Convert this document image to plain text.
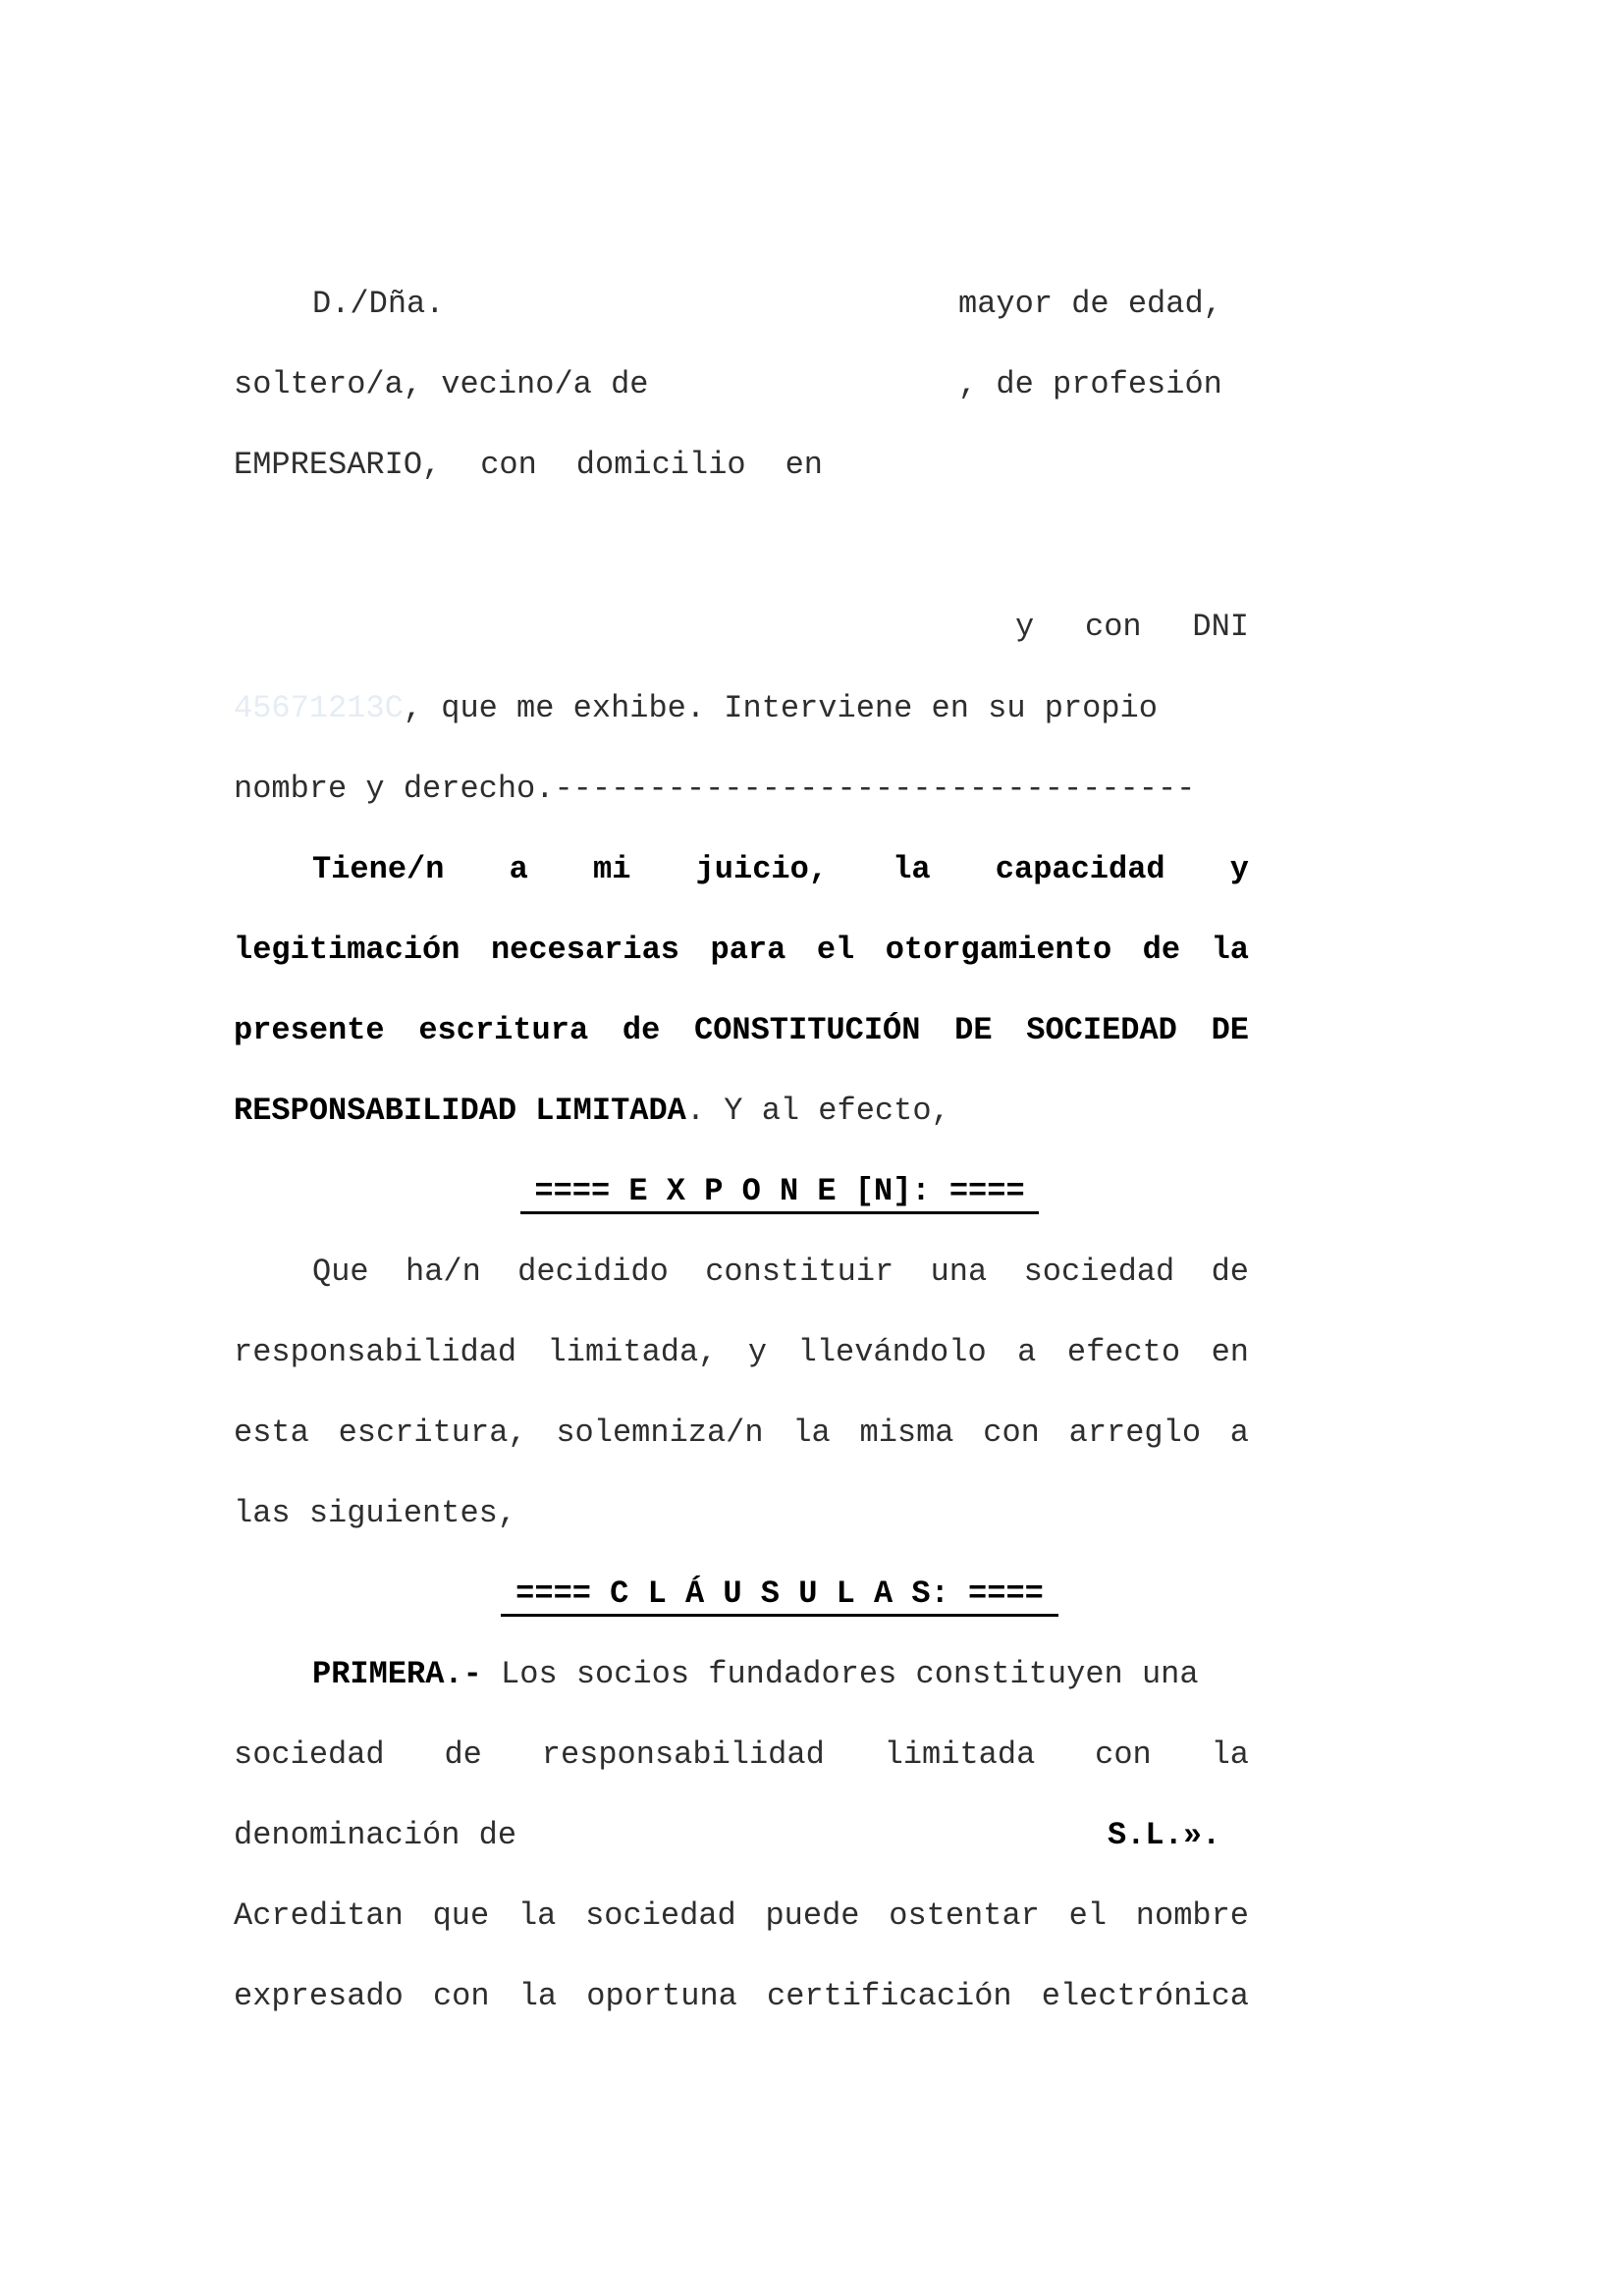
D./Dña.	mayor de edad,
soltero/a, vecino/a de	, de profesión
EMPRESARIO, con domicilio en
y con DNI
45671213C, que me exhibe. Interviene en su propio
nombre y derecho.----------------------------------
Tiene/n a mi juicio, la capacidad y
legitimación necesarias para el otorgamiento de la
presente escritura de CONSTITUCIÓN DE SOCIEDAD DE
RESPONSABILIDAD LIMITADA. Y al efecto,
==== E X P O N E [N]: ====
Que ha/n decidido constituir una sociedad de
responsabilidad limitada, y llevándolo a efecto en
esta escritura, solemniza/n la misma con arreglo a
las siguientes,
==== C L Á U S U L A S: ====
PRIMERA.- Los socios fundadores constituyen una
sociedad de responsabilidad limitada con la
denominación de	S.L.».
Acreditan que la sociedad puede ostentar el nombre
expresado con la oportuna certificación electrónica
